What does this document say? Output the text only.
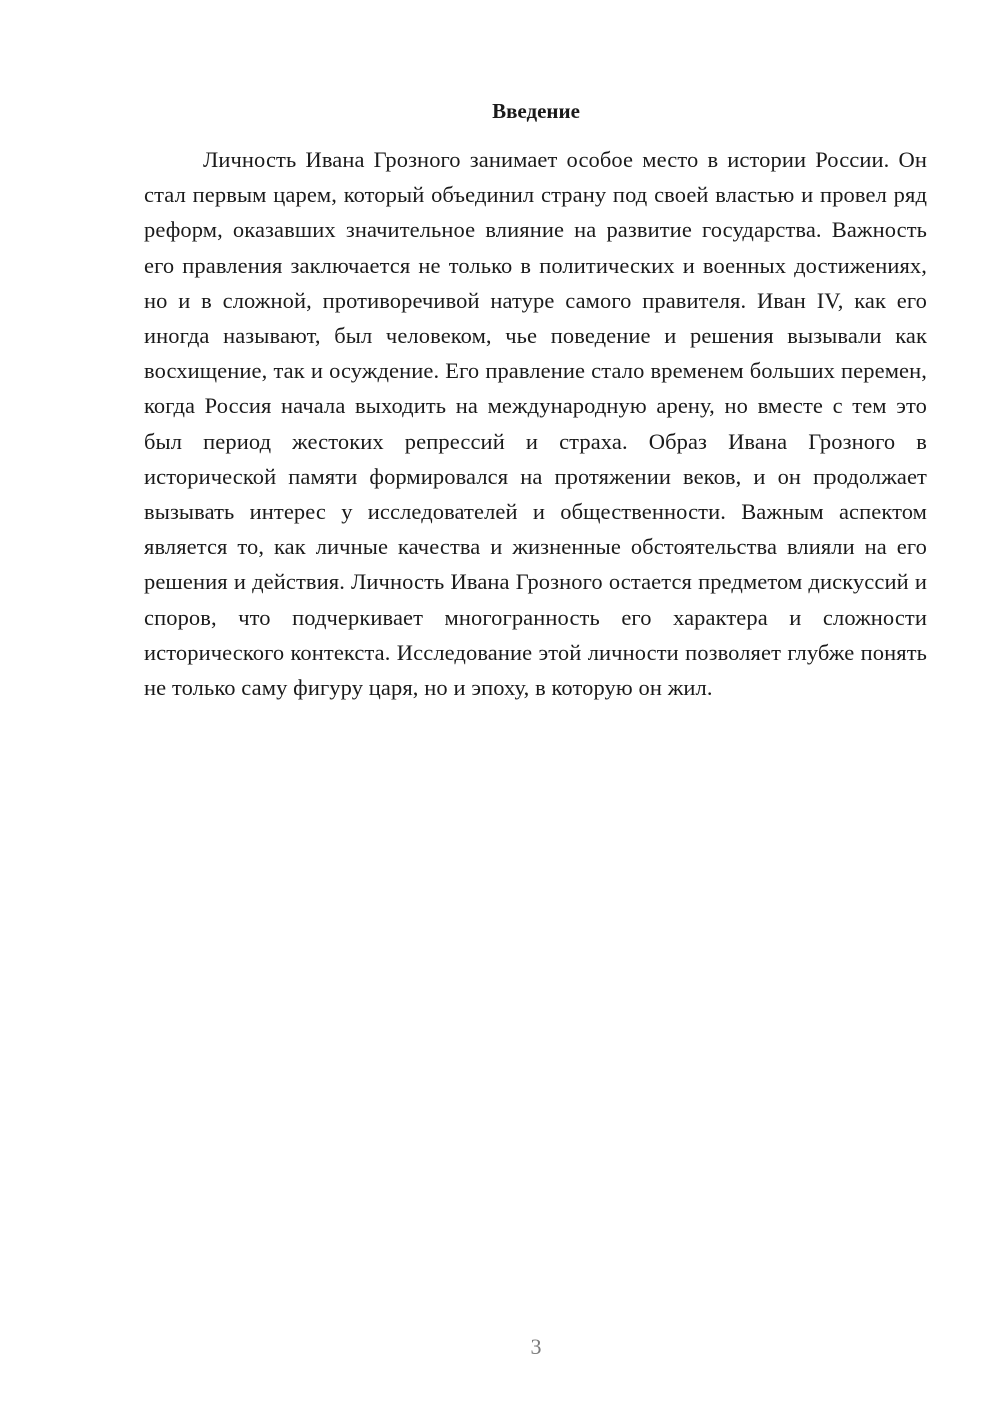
Введение

Личность Ивана Грозного занимает особое место в истории России. Он стал первым царем, который объединил страну под своей властью и провел ряд реформ, оказавших значительное влияние на развитие государства. Важность его правления заключается не только в политических и военных достижениях, но и в сложной, противоречивой натуре самого правителя. Иван IV, как его иногда называют, был человеком, чье поведение и решения вызывали как восхищение, так и осуждение. Его правление стало временем больших перемен, когда Россия начала выходить на международную арену, но вместе с тем это был период жестоких репрессий и страха. Образ Ивана Грозного в исторической памяти формировался на протяжении веков, и он продолжает вызывать интерес у исследователей и общественности. Важным аспектом является то, как личные качества и жизненные обстоятельства влияли на его решения и действия. Личность Ивана Грозного остается предметом дискуссий и споров, что подчеркивает многогранность его характера и сложности исторического контекста. Исследование этой личности позволяет глубже понять не только саму фигуру царя, но и эпоху, в которую он жил.

3
